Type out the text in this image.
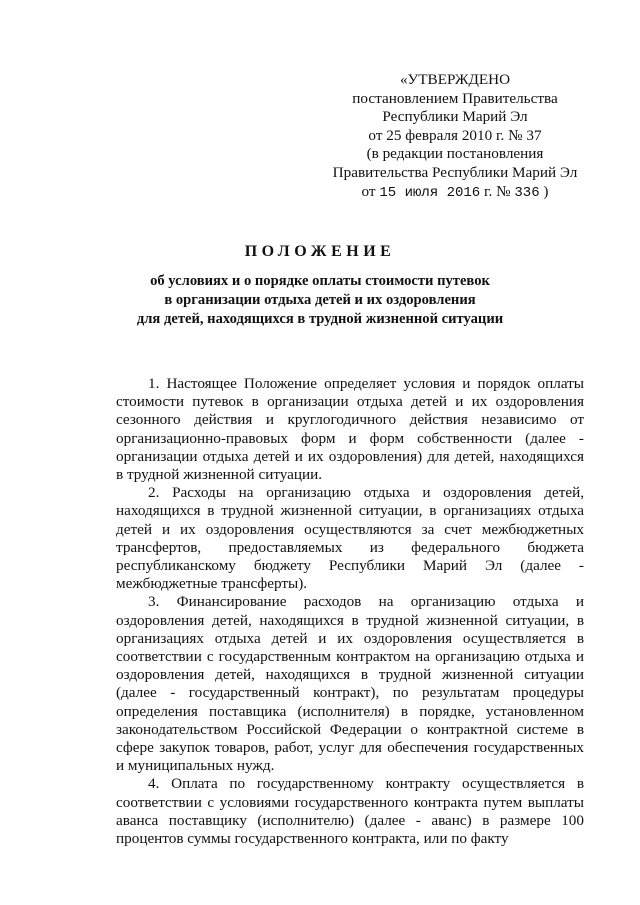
«УТВЕРЖДЕНО
постановлением Правительства
Республики Марий Эл
от 25 февраля 2010 г. № 37
(в редакции постановления
Правительства Республики Марий Эл
от 15 июля 2016 г. № 336 )
ПОЛОЖЕНИЕ
об условиях и о порядке оплаты стоимости путевок
в организации отдыха детей и их оздоровления
для детей, находящихся в трудной жизненной ситуации

1. Настоящее Положение определяет условия и порядок оплаты стоимости путевок в организации отдыха детей и их оздоровления сезонного действия и круглогодичного действия независимо от организационно-правовых форм и форм собственности (далее - организации отдыха детей и их оздоровления) для детей, находящихся в трудной жизненной ситуации.

2. Расходы на организацию отдыха и оздоровления детей, находящихся в трудной жизненной ситуации, в организациях отдыха детей и их оздоровления осуществляются за счет межбюджетных трансфертов, предоставляемых из федерального бюджета республиканскому бюджету Республики Марий Эл (далее - межбюджетные трансферты).

3. Финансирование расходов на организацию отдыха и оздоровления детей, находящихся в трудной жизненной ситуации, в организациях отдыха детей и их оздоровления осуществляется в соответствии с государственным контрактом на организацию отдыха и оздоровления детей, находящихся в трудной жизненной ситуации (далее - государственный контракт), по результатам процедуры определения поставщика (исполнителя) в порядке, установленном законодательством Российской Федерации о контрактной системе в сфере закупок товаров, работ, услуг для обеспечения государственных и муниципальных нужд.

4. Оплата по государственному контракту осуществляется в соответствии с условиями государственного контракта путем выплаты аванса поставщику (исполнителю) (далее - аванс) в размере 100 процентов суммы государственного контракта, или по факту
